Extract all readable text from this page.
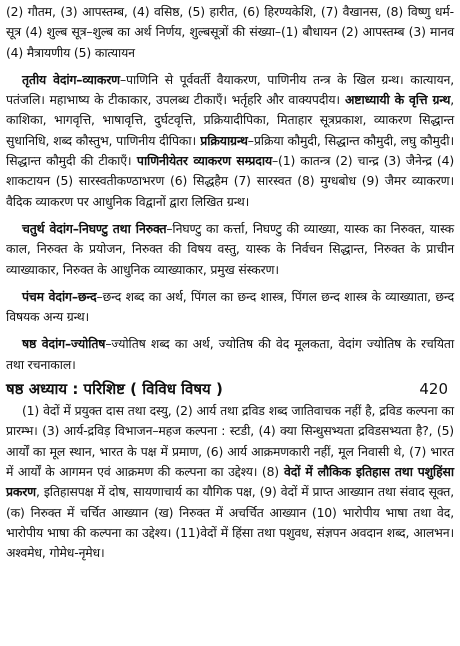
(2) गौतम, (3) आपस्तम्ब, (4) वसिष्ठ, (5) हारीत, (6) हिरण्यकेशि, (7) वैखानस, (8) विष्णु धर्म-सूत्र (4) शुल्ब सूत्र–शुल्ब का अर्थ निर्णय, शुल्बसूत्रों की संख्या–(1) बौधायन (2) आपस्तम्ब (3) मानव (4) मैत्रायणीय (5) कात्यायन

तृतीय वेदांग–व्याकरण–पाणिनि से पूर्ववर्ती वैयाकरण, पाणिनीय तन्त्र के खिल ग्रन्थ। कात्यायन, पतंजलि। महाभाष्य के टीकाकार, उपलब्ध टीकाएँ। भर्तृहरि और वाक्यपदीय। अष्टाध्यायी के वृत्ति ग्रन्थ, काशिका, भागवृत्ति, भाषावृत्ति, दुर्घटवृत्ति, प्रक्रियादीपिका, मिताहार सूत्रप्रकाश, व्याकरण सिद्धान्त सुधानिधि, शब्द कौस्तुभ, पाणिनीय दीपिका। प्रक्रियाग्रन्थ–प्रक्रिया कौमुदी, सिद्धान्त कौमुदी, लघु कौमुदी। सिद्धान्त कौमुदी की टीकाएँ। पाणिनीयेतर व्याकरण सम्प्रदाय–(1) कातन्त्र (2) चान्द्र (3) जैनेन्द्र (4) शाकटायन (5) सारस्वतीकण्ठाभरण (6) सिद्धहैम (7) सारस्वत (8) मुग्धबोध (9) जैमर व्याकरण। वैदिक व्याकरण पर आधुनिक विद्वानों द्वारा लिखित ग्रन्थ।

चतुर्थ वेदांग–निघण्टु तथा निरुक्त–निघण्टु का कर्त्ता, निघण्टु की व्याख्या, यास्क का निरुक्त, यास्क काल, निरुक्त के प्रयोजन, निरुक्त की विषय वस्तु, यास्क के निर्वचन सिद्धान्त, निरुक्त के प्राचीन व्याख्याकार, निरुक्त के आधुनिक व्याख्याकार, प्रमुख संस्करण।

पंचम वेदांग–छन्द–छन्द शब्द का अर्थ, पिंगल का छन्द शास्त्र, पिंगल छन्द शास्त्र के व्याख्याता, छन्द विषयक अन्य ग्रन्थ।

षष्ठ वेदांग–ज्योतिष–ज्योतिष शब्द का अर्थ, ज्योतिष की वेद मूलकता, वेदांग ज्योतिष के रचयिता तथा रचनाकाल।

षष्ठ अध्याय : परिशिष्ट ( विविध विषय )	420

(1) वेदों में प्रयुक्त दास तथा दस्यु, (2) आर्य तथा द्रविड शब्द जातिवाचक नहीं है, द्रविड कल्पना का प्रारम्भ। (3) आर्य-द्रविड़ विभाजन–महज कल्पना : स्टडी, (4) क्या सिन्धुसभ्यता द्रविडसभ्यता है?, (5) आर्यों का मूल स्थान, भारत के पक्ष में प्रमाण, (6) आर्य आक्रमणकारी नहीं, मूल निवासी थे, (7) भारत में आर्यों के आगमन एवं आक्रमण की कल्पना का उद्देश्य। (8) वेदों में लौकिक इतिहास तथा पशुहिंसा प्रकरण, इतिहासपक्ष में दोष, सायणाचार्य का यौगिक पक्ष, (9) वेदों में प्राप्त आख्यान तथा संवाद सूक्त, (क) निरुक्त में चर्चित आख्यान (ख) निरुक्त में अचर्चित आख्यान (10) भारोपीय भाषा तथा वेद, भारोपीय भाषा की कल्पना का उद्देश्य। (11)वेदों में हिंसा तथा पशुवध, संज्ञपन अवदान शब्द, आलभन। अश्वमेध, गोमेध-नृमेध।
